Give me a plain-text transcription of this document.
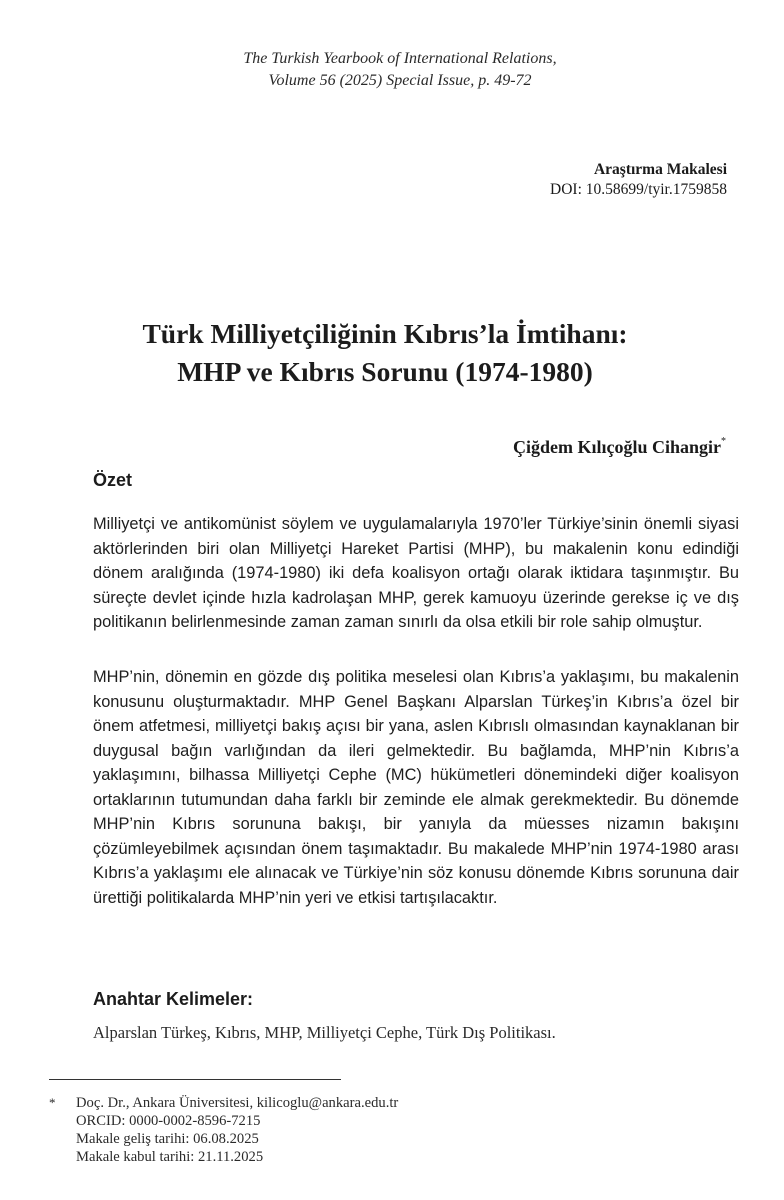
The Turkish Yearbook of International Relations,
Volume 56 (2025) Special Issue, p. 49-72
Araştırma Makalesi
DOI: 10.58699/tyir.1759858
Türk Milliyetçiliğinin Kıbrıs’la İmtihanı:
MHP ve Kıbrıs Sorunu (1974-1980)
Çiğdem Kılıçoğlu Cihangir*
Özet
Milliyetçi ve antikomünist söylem ve uygulamalarıyla 1970’ler Türkiye’sinin önemli siyasi aktörlerinden biri olan Milliyetçi Hareket Partisi (MHP), bu makalenin konu edindiği dönem aralığında (1974-1980) iki defa koalisyon ortağı olarak iktidara taşınmıştır. Bu süreçte devlet içinde hızla kadrolaşan MHP, gerek kamuoyu üzerinde gerekse iç ve dış politikanın belirlenmesinde zaman zaman sınırlı da olsa etkili bir role sahip olmuştur.
MHP’nin, dönemin en gözde dış politika meselesi olan Kıbrıs’a yaklaşımı, bu makalenin konusunu oluşturmaktadır. MHP Genel Başkanı Alparslan Türkeş’in Kıbrıs’a özel bir önem atfetmesi, milliyetçi bakış açısı bir yana, aslen Kıbrıslı olmasından kaynaklanan bir duygusal bağın varlığından da ileri gelmektedir. Bu bağlamda, MHP’nin Kıbrıs’a yaklaşımını, bilhassa Milliyetçi Cephe (MC) hükümetleri dönemindeki diğer koalisyon ortaklarının tutumundan daha farklı bir zeminde ele almak gerekmektedir. Bu dönemde MHP’nin Kıbrıs sorununa bakışı, bir yanıyla da müesses nizamın bakışını çözümleyebilmek açısından önem taşımaktadır. Bu makalede MHP’nin 1974-1980 arası Kıbrıs’a yaklaşımı ele alınacak ve Türkiye’nin söz konusu dönemde Kıbrıs sorununa dair ürettiği politikalarda MHP’nin yeri ve etkisi tartışılacaktır.
Anahtar Kelimeler:
Alparslan Türkeş, Kıbrıs, MHP, Milliyetçi Cephe, Türk Dış Politikası.
* Doç. Dr., Ankara Üniversitesi, kilicoglu@ankara.edu.tr
ORCID: 0000-0002-8596-7215
Makale geliş tarihi: 06.08.2025
Makale kabul tarihi: 21.11.2025
